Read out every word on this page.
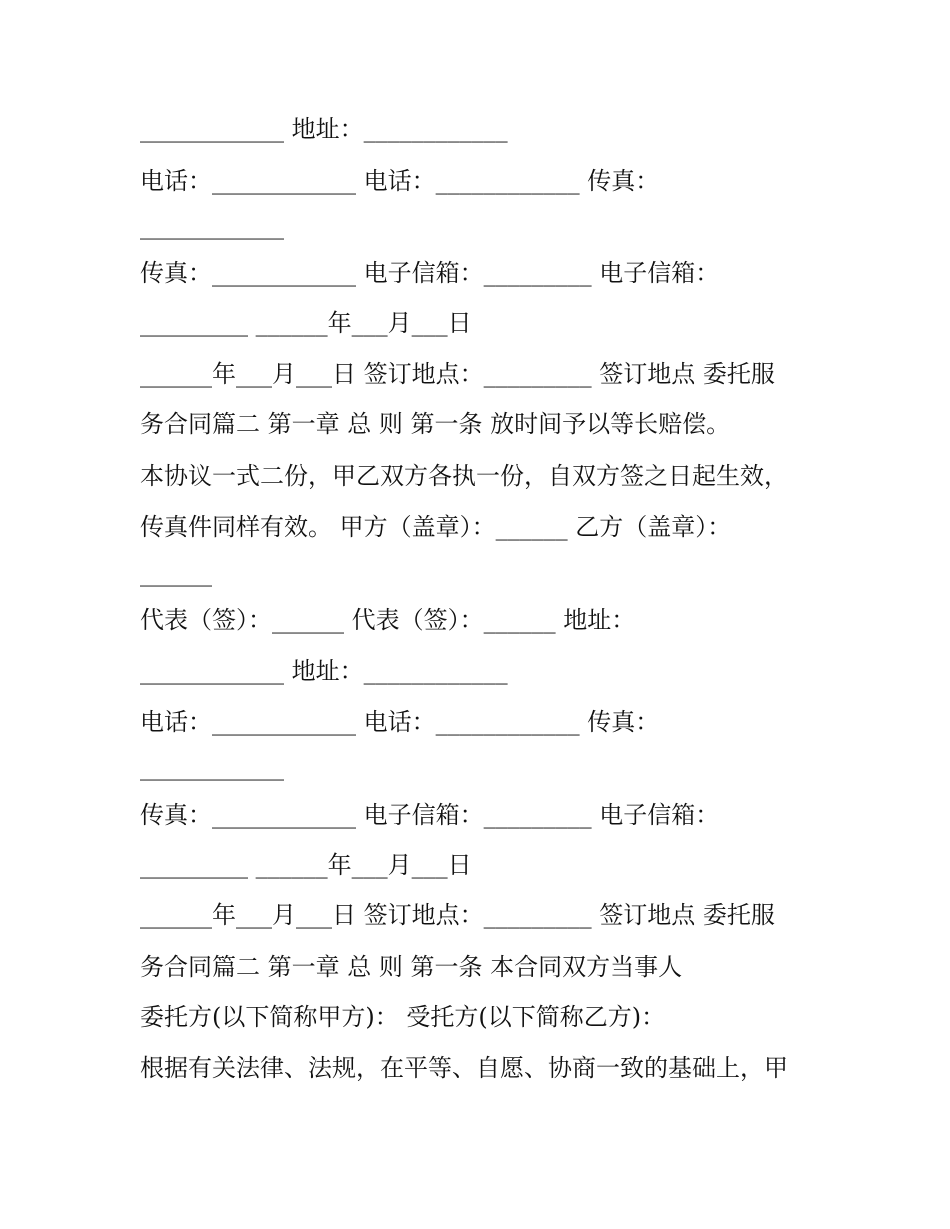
____________ 地址：____________
电话：____________ 电话：____________ 传真：
____________
传真：____________ 电子信箱：_________ 电子信箱：
_________ ______年___月___日
______年___月___日 签订地点：_________ 签订地点 委托服
务合同篇二 第一章 总 则 第一条 放时间予以等长赔偿。
本协议一式二份，甲乙双方各执一份，自双方签之日起生效，
传真件同样有效。 甲方（盖章）：______ 乙方（盖章）：
______
代表（签）：______ 代表（签）：______ 地址：
____________ 地址：____________
电话：____________ 电话：____________ 传真：
____________
传真：____________ 电子信箱：_________ 电子信箱：
_________ ______年___月___日
______年___月___日 签订地点：_________ 签订地点 委托服
务合同篇二 第一章 总 则 第一条 本合同双方当事人
委托方(以下简称甲方)： 受托方(以下简称乙方)：
根据有关法律、法规，在平等、自愿、协商一致的基础上，甲
